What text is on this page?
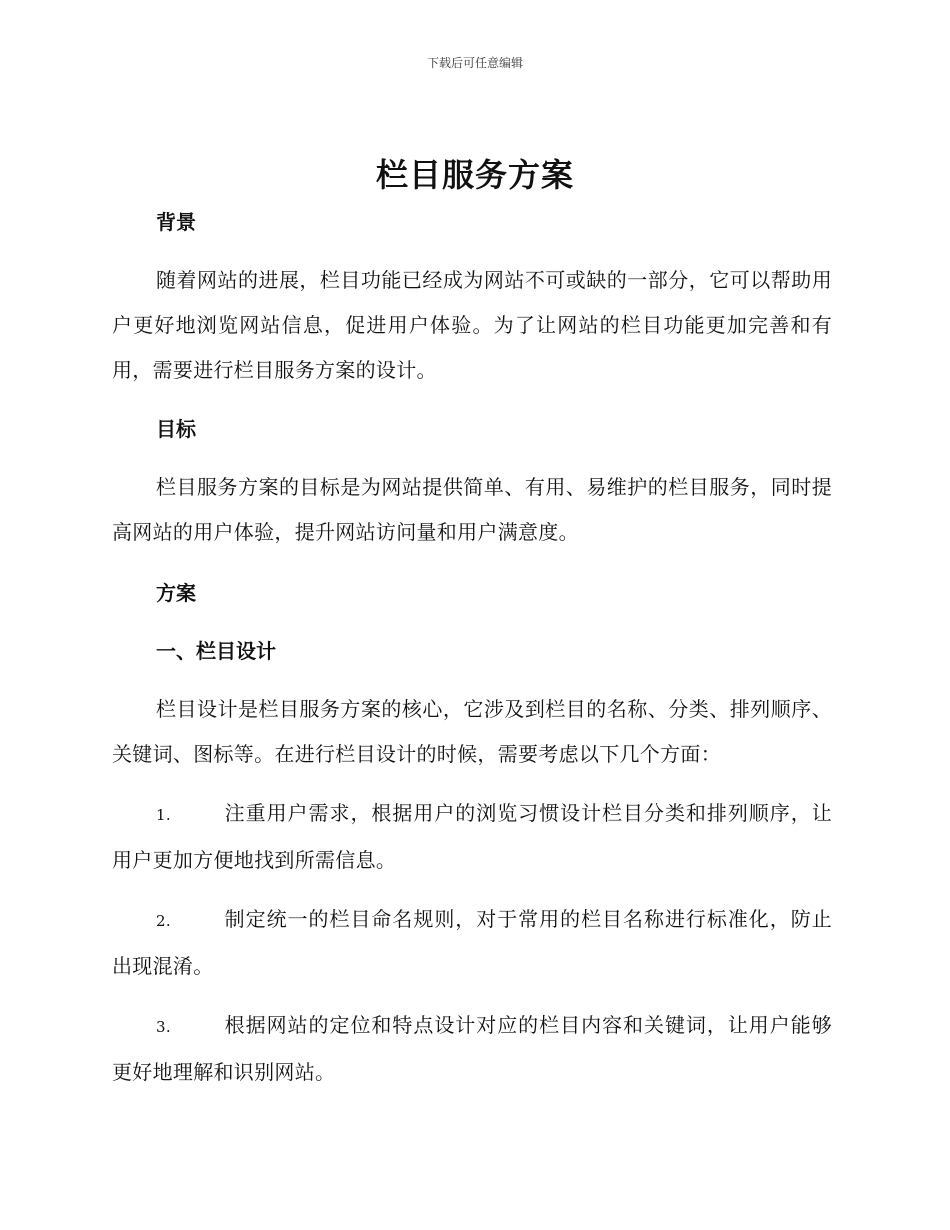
下载后可任意编辑
栏目服务方案

背景

随着网站的进展，栏目功能已经成为网站不可或缺的一部分，它可以帮助用户更好地浏览网站信息，促进用户体验。为了让网站的栏目功能更加完善和有用，需要进行栏目服务方案的设计。

目标

栏目服务方案的目标是为网站提供简单、有用、易维护的栏目服务，同时提高网站的用户体验，提升网站访问量和用户满意度。

方案

一、栏目设计

栏目设计是栏目服务方案的核心，它涉及到栏目的名称、分类、排列顺序、关键词、图标等。在进行栏目设计的时候，需要考虑以下几个方面：

1.	注重用户需求，根据用户的浏览习惯设计栏目分类和排列顺序，让用户更加方便地找到所需信息。

2.	制定统一的栏目命名规则，对于常用的栏目名称进行标准化，防止出现混淆。

3.	根据网站的定位和特点设计对应的栏目内容和关键词，让用户能够更好地理解和识别网站。
